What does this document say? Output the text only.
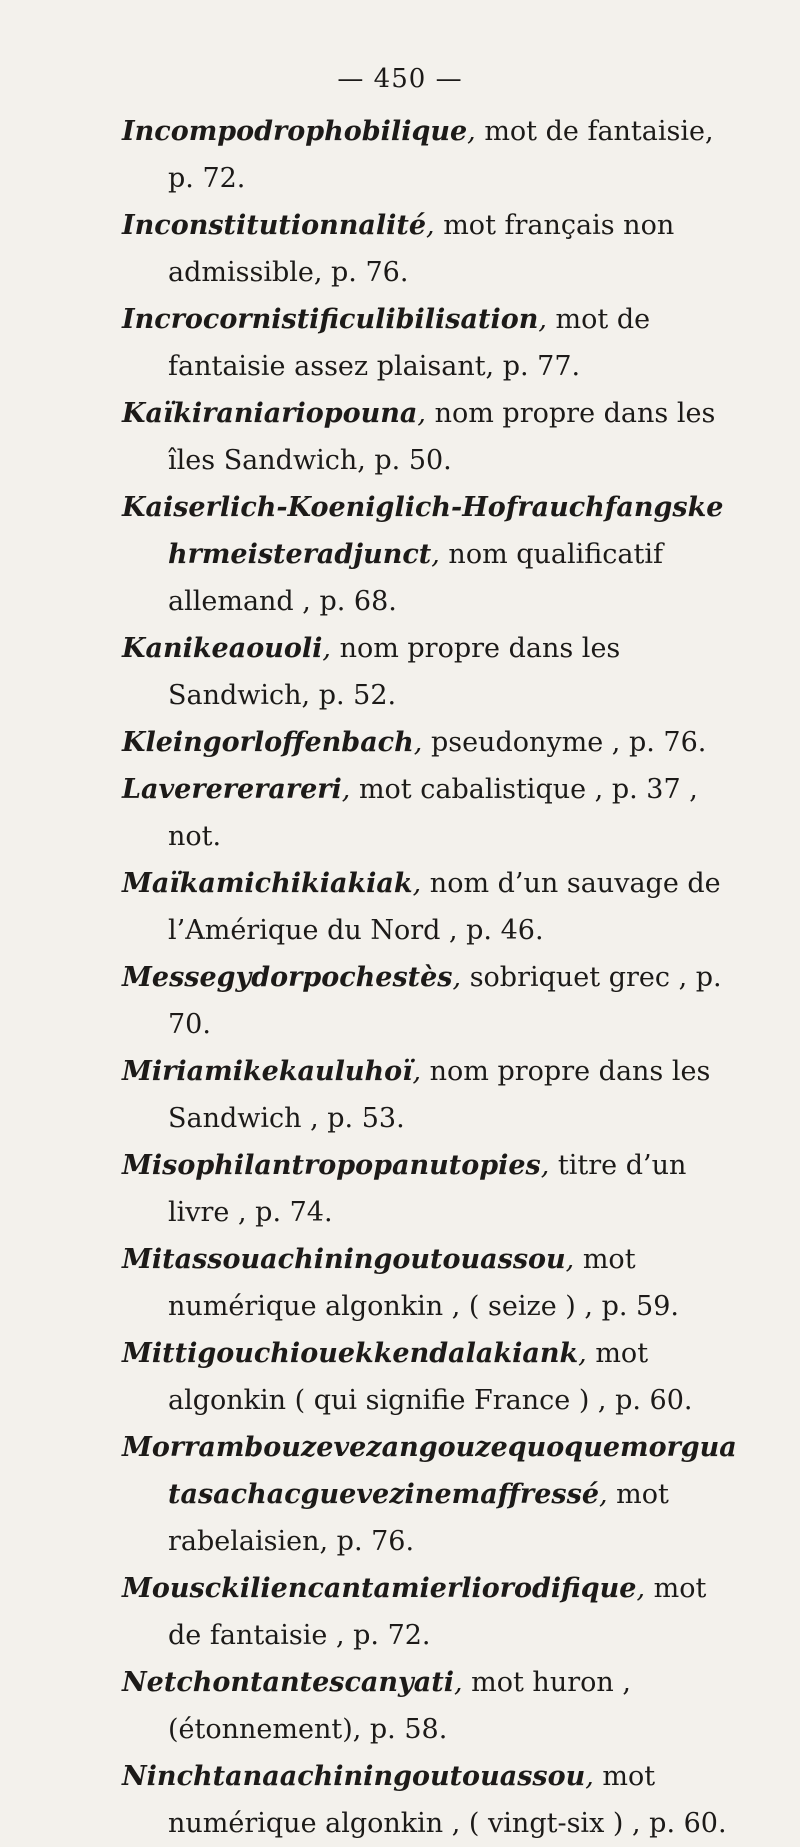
— 450 —

Incompodrophobilique, mot de fantaisie, p. 72.

Inconstitutionnalité, mot français non admissible, p. 76.

Incrocornistificulibilisation, mot de fantaisie assez plaisant, p. 77.

Kaïkiraniariopouna, nom propre dans les îles Sandwich, p. 50.

Kaiserlich-Koeniglich-Hofrauchfangskehrmeisteradjunct, nom qualificatif allemand , p. 68.

Kanikeaouoli, nom propre dans les Sandwich, p. 52.

Kleingorloffenbach, pseudonyme , p. 76.

Laverererareri, mot cabalistique , p. 37 , not.

Maïkamichikiakiak, nom d’un sauvage de l’Amérique du Nord , p. 46.

Messegydorpochestès, sobriquet grec , p. 70.

Miriamikekauluhoï, nom propre dans les Sandwich , p. 53.

Misophilantropopanutopies, titre d’un livre , p. 74.

Mitassouachiningoutouassou, mot numérique algonkin , ( seize ) , p. 59.

Mittigouchiouekkendalakiank, mot algonkin ( qui signifie France ) , p. 60.

Morrambouzevezangouzequoquemorguatasachacguevezinemaffressé, mot rabelaisien, p. 76.

Mousckiliencantamierliorodifique, mot de fantaisie , p. 72.

Netchontantescanyati, mot huron , (étonnement), p. 58.

Ninchtanaachiningoutouassou, mot numérique algonkin , ( vingt-six ) , p. 60.
